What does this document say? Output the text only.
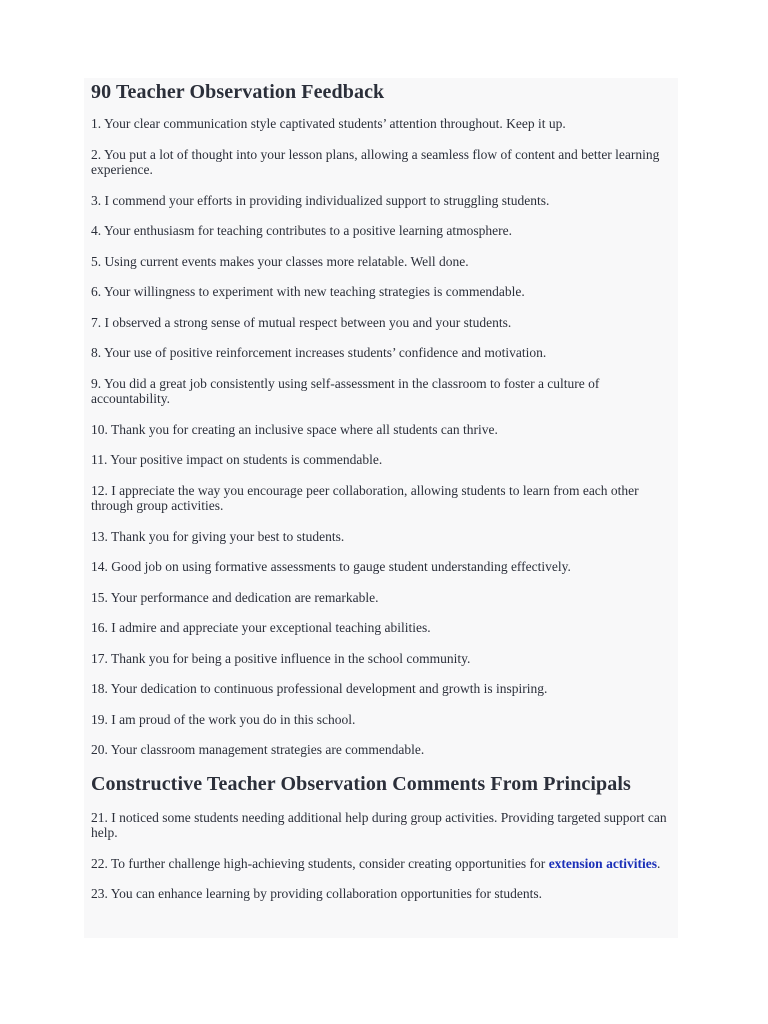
90 Teacher Observation Feedback

1. Your clear communication style captivated students’ attention throughout. Keep it up.

2. You put a lot of thought into your lesson plans, allowing a seamless flow of content and better learning experience.

3. I commend your efforts in providing individualized support to struggling students.

4. Your enthusiasm for teaching contributes to a positive learning atmosphere.

5. Using current events makes your classes more relatable. Well done.

6. Your willingness to experiment with new teaching strategies is commendable.

7. I observed a strong sense of mutual respect between you and your students.

8. Your use of positive reinforcement increases students’ confidence and motivation.

9. You did a great job consistently using self-assessment in the classroom to foster a culture of accountability.

10. Thank you for creating an inclusive space where all students can thrive.

11. Your positive impact on students is commendable.

12. I appreciate the way you encourage peer collaboration, allowing students to learn from each other through group activities.

13. Thank you for giving your best to students.

14. Good job on using formative assessments to gauge student understanding effectively.

15. Your performance and dedication are remarkable.

16. I admire and appreciate your exceptional teaching abilities.

17. Thank you for being a positive influence in the school community.

18. Your dedication to continuous professional development and growth is inspiring.

19. I am proud of the work you do in this school.

20. Your classroom management strategies are commendable.

Constructive Teacher Observation Comments From Principals

21. I noticed some students needing additional help during group activities. Providing targeted support can help.

22. To further challenge high-achieving students, consider creating opportunities for extension activities.

23. You can enhance learning by providing collaboration opportunities for students.
